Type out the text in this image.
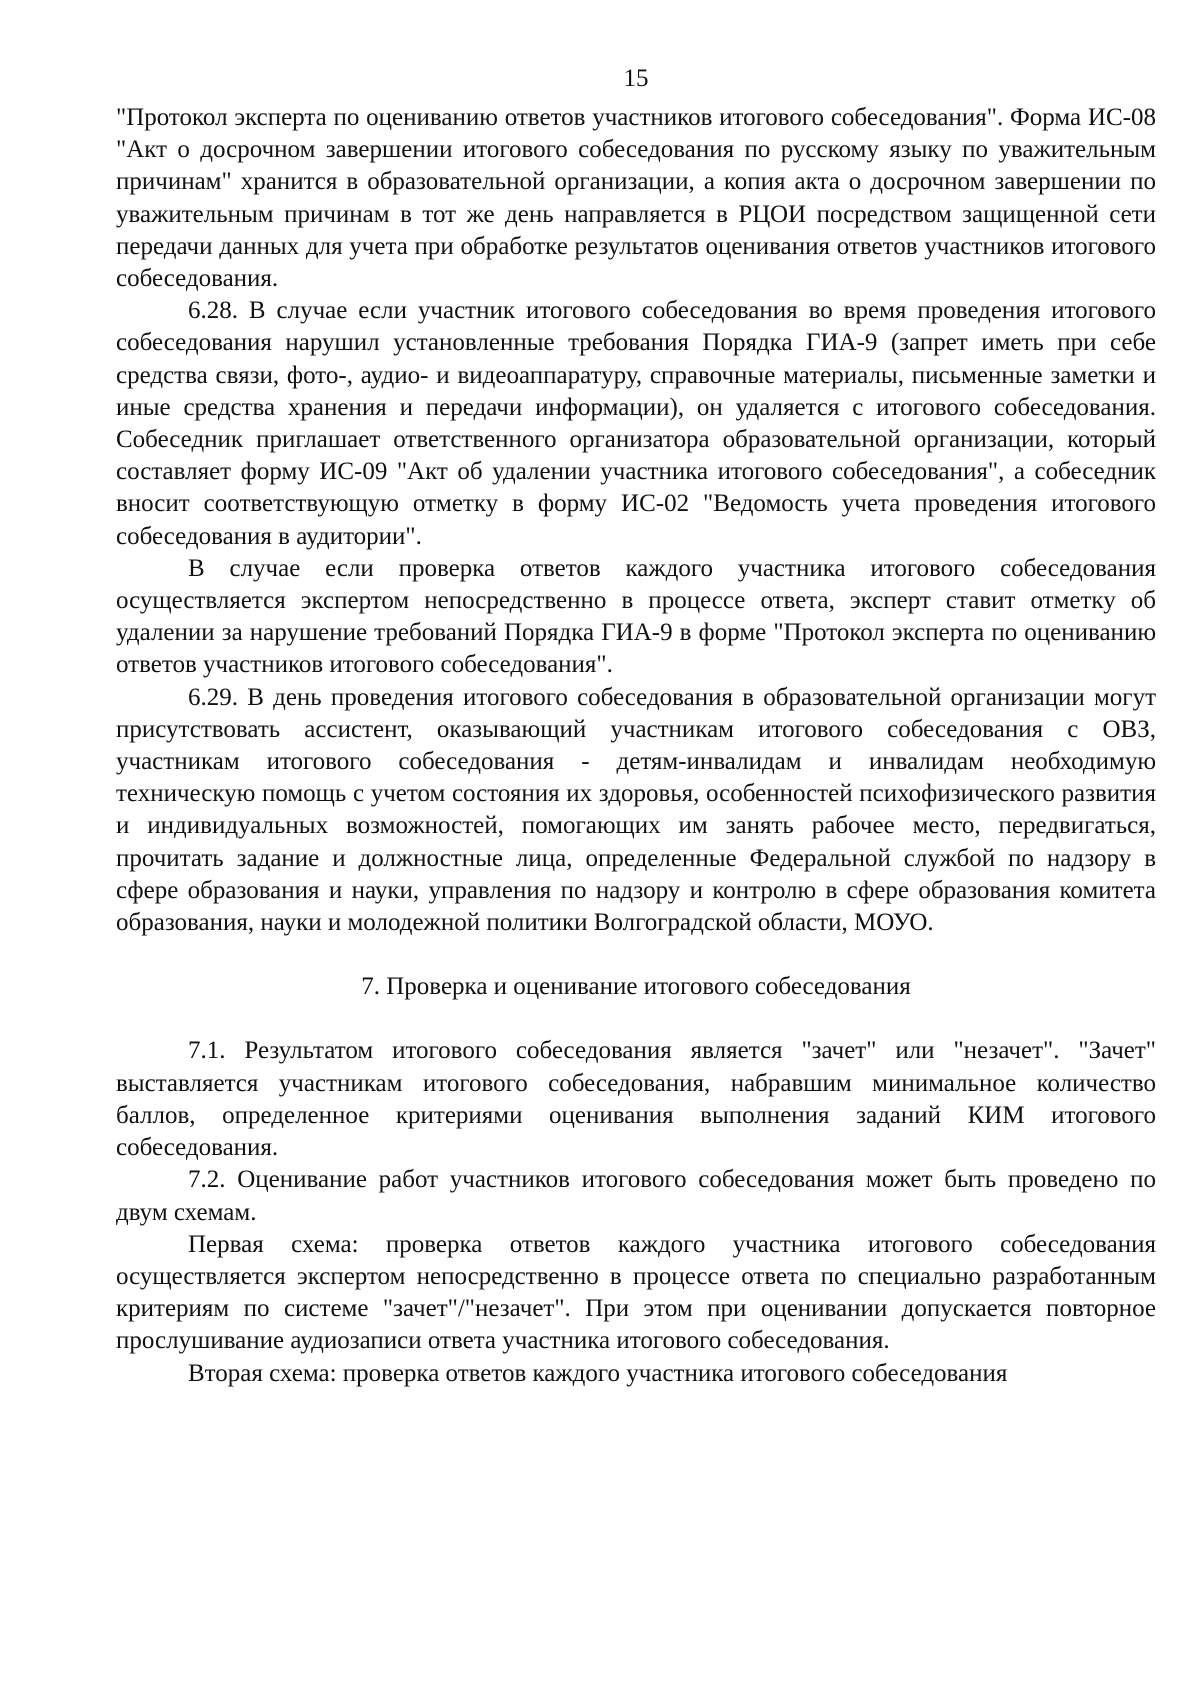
15

"Протокол эксперта по оцениванию ответов участников итогового собеседования". Форма ИС-08 "Акт о досрочном завершении итогового собеседования по русскому языку по уважительным причинам" хранится в образовательной организации, а копия акта о досрочном завершении по уважительным причинам в тот же день направляется в РЦОИ посредством защищенной сети передачи данных для учета при обработке результатов оценивания ответов участников итогового собеседования.

6.28. В случае если участник итогового собеседования во время проведения итогового собеседования нарушил установленные требования Порядка ГИА-9 (запрет иметь при себе средства связи, фото-, аудио- и видеоаппаратуру, справочные материалы, письменные заметки и иные средства хранения и передачи информации), он удаляется с итогового собеседования. Собеседник приглашает ответственного организатора образовательной организации, который составляет форму ИС-09 "Акт об удалении участника итогового собеседования", а собеседник вносит соответствующую отметку в форму ИС-02 "Ведомость учета проведения итогового собеседования в аудитории".

В случае если проверка ответов каждого участника итогового собеседования осуществляется экспертом непосредственно в процессе ответа, эксперт ставит отметку об удалении за нарушение требований Порядка ГИА-9 в форме "Протокол эксперта по оцениванию ответов участников итогового собеседования".

6.29. В день проведения итогового собеседования в образовательной организации могут присутствовать ассистент, оказывающий участникам итогового собеседования с ОВЗ, участникам итогового собеседования - детям-инвалидам и инвалидам необходимую техническую помощь с учетом состояния их здоровья, особенностей психофизического развития и индивидуальных возможностей, помогающих им занять рабочее место, передвигаться, прочитать задание и должностные лица, определенные Федеральной службой по надзору в сфере образования и науки, управления по надзору и контролю в сфере образования комитета образования, науки и молодежной политики Волгоградской области, МОУО.

7. Проверка и оценивание итогового собеседования

7.1. Результатом итогового собеседования является "зачет" или "незачет". "Зачет" выставляется участникам итогового собеседования, набравшим минимальное количество баллов, определенное критериями оценивания выполнения заданий КИМ итогового собеседования.

7.2. Оценивание работ участников итогового собеседования может быть проведено по двум схемам.

Первая схема: проверка ответов каждого участника итогового собеседования осуществляется экспертом непосредственно в процессе ответа по специально разработанным критериям по системе "зачет"/"незачет". При этом при оценивании допускается повторное прослушивание аудиозаписи ответа участника итогового собеседования.

Вторая схема: проверка ответов каждого участника итогового собеседования
